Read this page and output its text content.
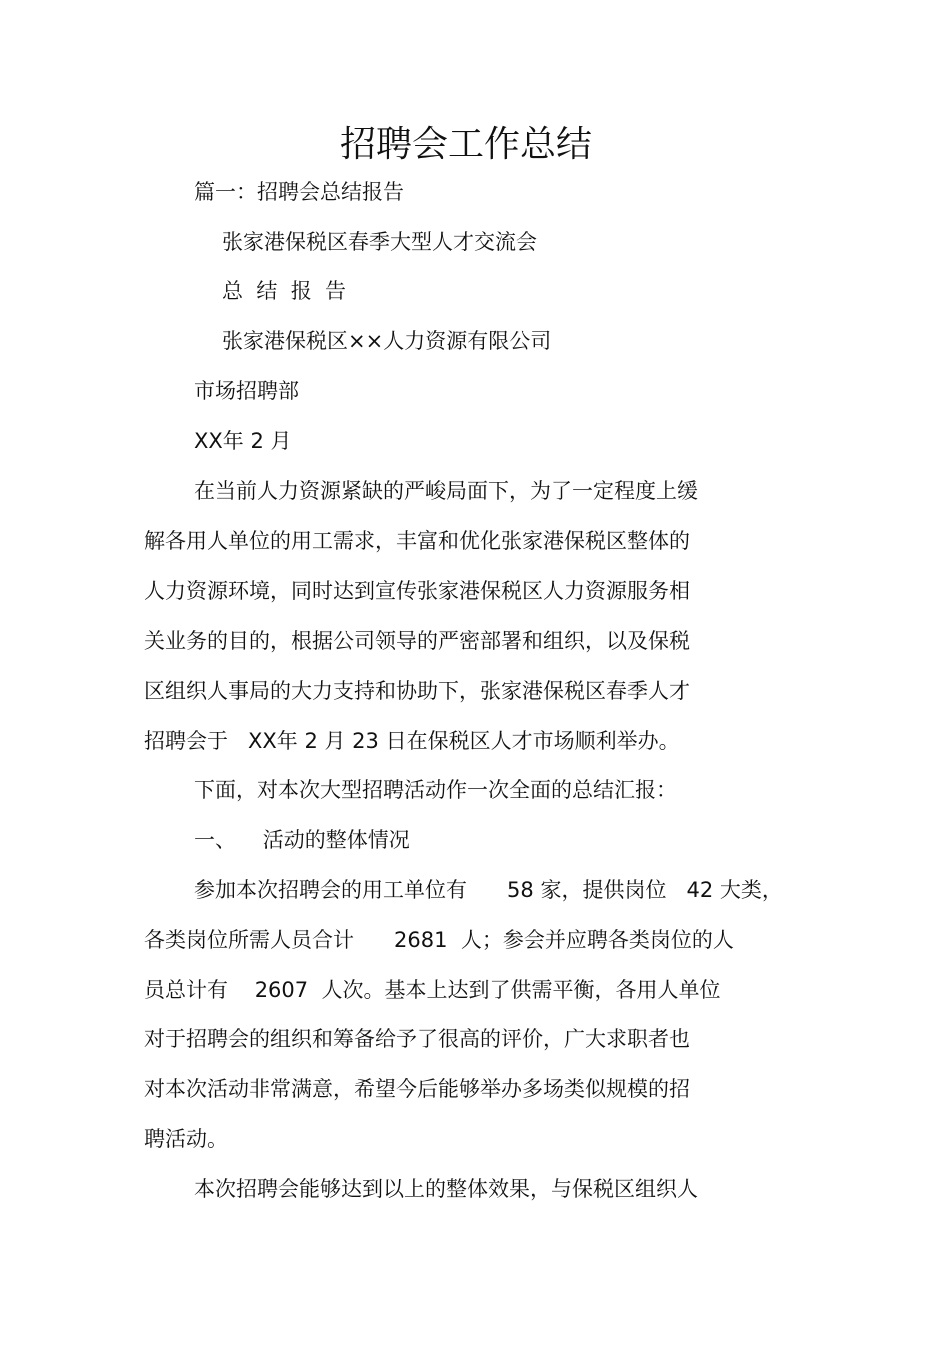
招聘会工作总结

篇一：招聘会总结报告

张家港保税区春季大型人才交流会

总  结  报  告

张家港保税区××人力资源有限公司

市场招聘部

XX年 2 月

在当前人力资源紧缺的严峻局面下，为了一定程度上缓

解各用人单位的用工需求，丰富和优化张家港保税区整体的

人力资源环境，同时达到宣传张家港保税区人力资源服务相

关业务的目的，根据公司领导的严密部署和组织，以及保税

区组织人事局的大力支持和协助下，张家港保税区春季人才

招聘会于   XX年 2 月 23 日在保税区人才市场顺利举办。

下面，对本次大型招聘活动作一次全面的总结汇报：

一、    活动的整体情况

参加本次招聘会的用工单位有      58 家，提供岗位   42 大类，

各类岗位所需人员合计      2681  人；参会并应聘各类岗位的人

员总计有    2607  人次。基本上达到了供需平衡，各用人单位

对于招聘会的组织和筹备给予了很高的评价，广大求职者也

对本次活动非常满意，希望今后能够举办多场类似规模的招

聘活动。

本次招聘会能够达到以上的整体效果，与保税区组织人
